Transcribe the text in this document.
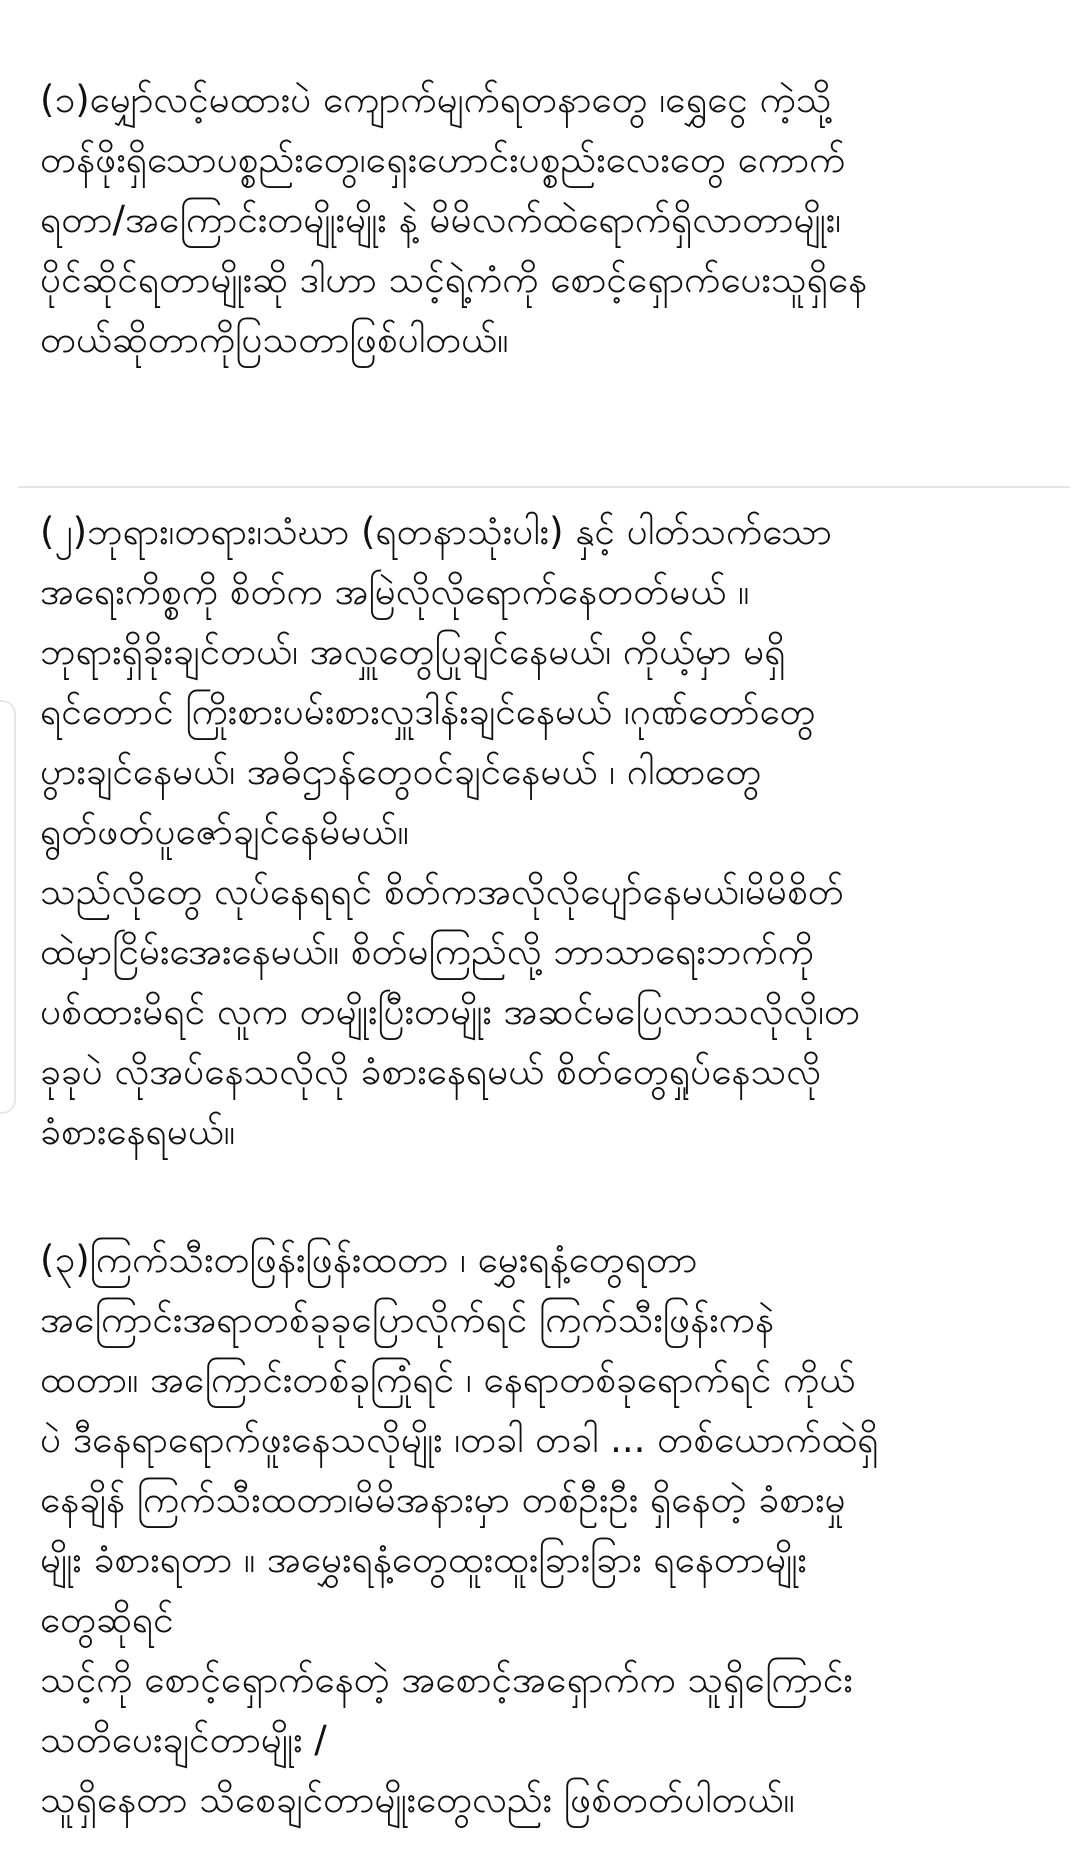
(၁)မျှော်လင့်မထားပဲ ကျောက်မျက်ရတနာတွေ ၊ရွှေငွေ ကဲ့သို့
တန်ဖိုးရှိသောပစ္စည်းတွေ၊ရှေးဟောင်းပစ္စည်းလေးတွေ ကောက်
ရတာ/အကြောင်းတမျိုးမျိုး နဲ့ မိမိလက်ထဲရောက်ရှိလာတာမျိုး၊
ပိုင်ဆိုင်ရတာမျိုးဆို ဒါဟာ သင့်ရဲ့ကံကို စောင့်ရှောက်ပေးသူရှိနေ
တယ်ဆိုတာကိုပြသတာဖြစ်ပါတယ်။
(၂)ဘုရား၊တရား၊သံဃာ (ရတနာသုံးပါး) နှင့် ပါတ်သက်သော
အရေးကိစ္စကို စိတ်က အမြဲလိုလိုရောက်နေတတ်မယ် ။
ဘုရားရှိခိုးချင်တယ်၊ အလှူတွေပြုချင်နေမယ်၊ ကိုယ့်မှာ မရှိ
ရင်တောင် ကြိုးစားပမ်းစားလှူဒါန်းချင်နေမယ် ၊ဂုဏ်တော်တွေ
ပွားချင်နေမယ်၊ အဓိဌာန်တွေဝင်ချင်နေမယ် ၊ ဂါထာတွေ
ရွတ်ဖတ်ပူဇော်ချင်နေမိမယ်။
သည်လိုတွေ လုပ်နေရရင် စိတ်ကအလိုလိုပျော်နေမယ်၊မိမိစိတ်
ထဲမှာငြိမ်းအေးနေမယ်။ စိတ်မကြည်လို့ ဘာသာရေးဘက်ကို
ပစ်ထားမိရင် လူက တမျိုးပြီးတမျိုး အဆင်မပြေလာသလိုလို၊တ
ခုခုပဲ လိုအပ်နေသလိုလို ခံစားနေရမယ် စိတ်တွေရှုပ်နေသလို
ခံစားနေရမယ်။
(၃)ကြက်သီးတဖြန်းဖြန်းထတာ ၊ မွှေးရနံ့တွေရတာ
အကြောင်းအရာတစ်ခုခုပြောလိုက်ရင် ကြက်သီးဖြန်းကနဲ
ထတာ။ အကြောင်းတစ်ခုကြုံရင် ၊ နေရာတစ်ခုရောက်ရင် ကိုယ်
ပဲ ဒီနေရာရောက်ဖူးနေသလိုမျိုး ၊တခါ တခါ ... တစ်ယောက်ထဲရှိ
နေချိန် ကြက်သီးထတာ၊မိမိအနားမှာ တစ်ဦးဦး ရှိနေတဲ့ ခံစားမှု
မျိုး ခံစားရတာ ။ အမွှေးရနံ့တွေထူးထူးခြားခြား ရနေတာမျိုး
တွေဆိုရင်
သင့်ကို စောင့်ရှောက်နေတဲ့ အစောင့်အရှောက်က သူရှိကြောင်း
သတိပေးချင်တာမျိုး /
သူရှိနေတာ သိစေချင်တာမျိုးတွေလည်း ဖြစ်တတ်ပါတယ်။
